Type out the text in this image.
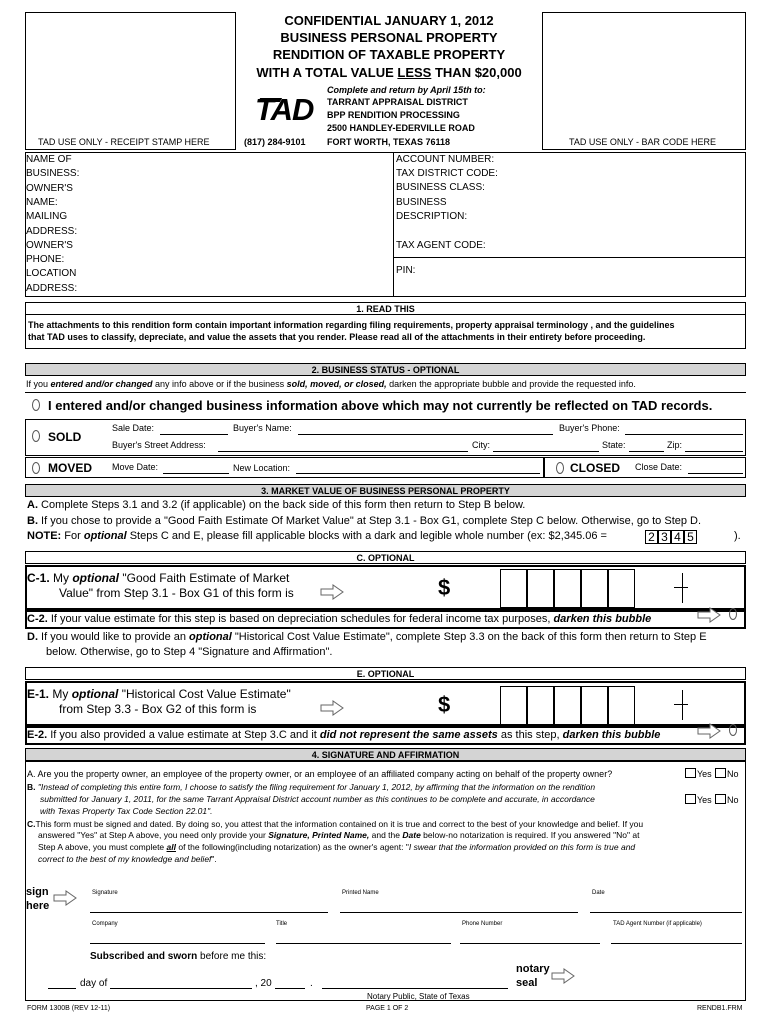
TAD USE ONLY - RECEIPT STAMP HERE	TAD USE ONLY - BAR CODE HERE
CONFIDENTIAL JANUARY 1, 2012
BUSINESS PERSONAL PROPERTY
RENDITION OF TAXABLE PROPERTY
WITH A TOTAL VALUE LESS THAN $20,000
Complete and return by April 15th to:
TARRANT APPRAISAL DISTRICT
BPP RENDITION PROCESSING
2500 HANDLEY-EDERVILLE ROAD
FORT WORTH, TEXAS 76118
(817) 284-9101
TAD
NAME OF
BUSINESS:
OWNER'S
NAME:
MAILING
ADDRESS:
OWNER'S
PHONE:
LOCATION
ADDRESS:
ACCOUNT NUMBER:
TAX DISTRICT CODE:
BUSINESS CLASS:
BUSINESS
DESCRIPTION:
TAX AGENT CODE:
PIN:
1. READ THIS
The attachments to this rendition form contain important information regarding filing requirements, property appraisal terminology , and the guidelines
that TAD uses to classify, depreciate, and value the assets that you render. Please read all of the attachments in their entirety before proceeding.
2. BUSINESS STATUS - OPTIONAL
If you entered and/or changed any info above or if the business sold, moved, or closed, darken the appropriate bubble and provide the requested info.
I entered and/or changed business information above which may not currently be reflected on TAD records.
SOLD
Sale Date:	Buyer's Name:	Buyer's Phone:
Buyer's Street Address:	City:	State:	Zip:
MOVED Move Date:	New Location:	CLOSED Close Date:
3. MARKET VALUE OF BUSINESS PERSONAL PROPERTY
A. Complete Steps 3.1 and 3.2 (if applicable) on the back side of this form then return to Step B below.
B. If you chose to provide a "Good Faith Estimate Of Market Value" at Step 3.1 - Box G1, complete Step C below. Otherwise, go to Step D.
NOTE: For optional Steps C and E, please fill applicable blocks with a dark and legible whole number (ex: $2,345.06 =	2 3 4 5	).
C. OPTIONAL
C-1. My optional "Good Faith Estimate of Market
Value" from Step 3.1 - Box G1 of this form is	$
C-2. If your value estimate for this step is based on depreciation schedules for federal income tax purposes, darken this bubble
D. If you would like to provide an optional "Historical Cost Value Estimate", complete Step 3.3 on the back of this form then return to Step E
below. Otherwise, go to Step 4 "Signature and Affirmation".
E. OPTIONAL
E-1. My optional "Historical Cost Value Estimate"
from Step 3.3 - Box G2 of this form is	$
E-2. If you also provided a value estimate at Step 3.C and it did not represent the same assets as this step, darken this bubble
4. SIGNATURE AND AFFIRMATION
A. Are you the property owner, an employee of the property owner, or an employee of an affiliated company acting on behalf of the property owner?	Yes No
B. "Instead of completing this entire form, I choose to satisfy the filing requirement for January 1, 2012, by affirming that the information on the rendition
submitted for January 1, 2011, for the same Tarrant Appraisal District account number as this continues to be complete and accurate, in accordance	Yes No
with Texas Property Tax Code Section 22.01".
C.This form must be signed and dated. By doing so, you attest that the information contained on it is true and correct to the best of your knowledge and belief. If you
answered "Yes" at Step A above, you need only provide your Signature, Printed Name, and the Date below-no notarization is required. If you answered "No" at
Step A above, you must complete all of the following(including notarization) as the owner's agent: "I swear that the information provided on this form is true and
correct to the best of my knowledge and belief".
sign
here
Signature	Printed Name	Date
Company	Title	Phone Number	TAD Agent Number (if applicable)
Subscribed and sworn before me this:
day of	, 20	.
Notary Public, State of Texas
notary
seal
FORM 1300B (REV 12-11)	PAGE 1 OF 2	RENDB1.FRM
